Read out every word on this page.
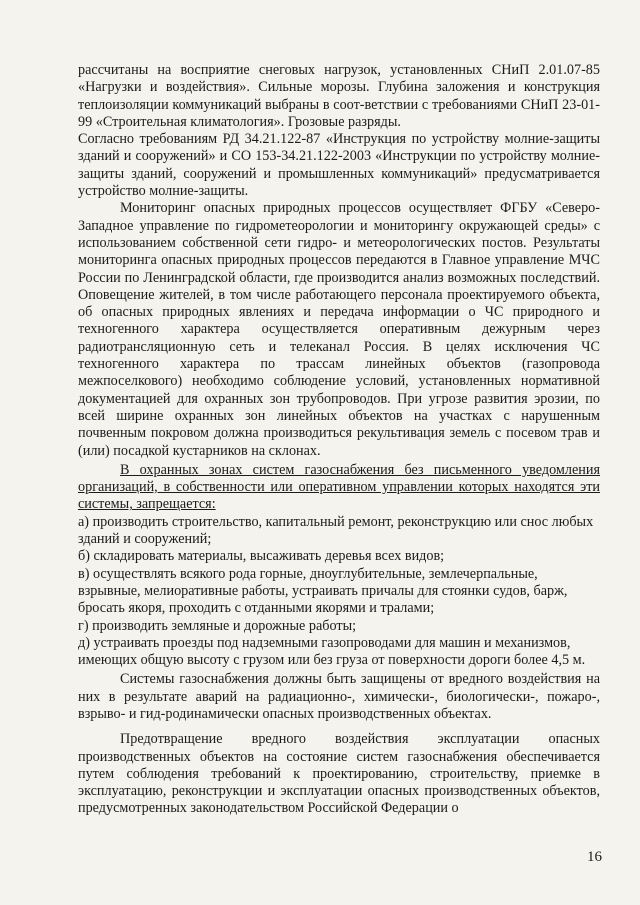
рассчитаны на восприятие снеговых нагрузок, установленных СНиП 2.01.07-85 «Нагрузки и воздействия». Сильные морозы. Глубина заложения и конструкция теплоизоляции коммуникаций выбраны в соот-ветствии с требованиями СНиП 23-01-99 «Строительная климатология». Грозовые разряды.

Согласно требованиям РД 34.21.122-87 «Инструкция по устройству молние-защиты зданий и сооружений» и СО 153-34.21.122-2003 «Инструкции по устройству молние-защиты зданий, сооружений и промышленных коммуникаций» предусматривается устройство молние-защиты.

Мониторинг опасных природных процессов осуществляет ФГБУ «Северо-Западное управление по гидрометеорологии и мониторингу окружающей среды» с использованием собственной сети гидро- и метеорологических постов. Результаты мониторинга опасных природных процессов передаются в Главное управление МЧС России по Ленинградской области, где производится анализ возможных последствий. Оповещение жителей, в том числе работающего персонала проектируемого объекта, об опасных природных явлениях и передача информации о ЧС природного и техногенного характера осуществляется оперативным дежурным через радиотрансляционную сеть и телеканал Россия. В целях исключения ЧС техногенного характера по трассам линейных объектов (газопровода межпоселкового) необходимо соблюдение условий, установленных нормативной документацией для охранных зон трубопроводов. При угрозе развития эрозии, по всей ширине охранных зон линейных объектов на участках с нарушенным почвенным покровом должна производиться рекультивация земель с посевом трав и (или) посадкой кустарников на склонах.

В охранных зонах систем газоснабжения без письменного уведомления организаций, в собственности или оперативном управлении которых находятся эти системы, запрещается:

а) производить строительство, капитальный ремонт, реконструкцию или снос любых зданий и сооружений;

б) складировать материалы, высаживать деревья всех видов;

в) осуществлять всякого рода горные, дноуглубительные, землечерпальные, взрывные, мелиоративные работы, устраивать причалы для стоянки судов, барж, бросать якоря, проходить с отданными якорями и тралами;

г) производить земляные и дорожные работы;

д) устраивать проезды под надземными газопроводами для машин и механизмов, имеющих общую высоту с грузом или без груза от поверхности дороги более 4,5 м.

Системы газоснабжения должны быть защищены от вредного воздействия на них в результате аварий на радиационно-, химически-, биологически-, пожаро-, взрыво- и гид-родинамически опасных производственных объектах.

Предотвращение вредного воздействия эксплуатации опасных производственных объектов на состояние систем газоснабжения обеспечивается путем соблюдения требований к проектированию, строительству, приемке в эксплуатацию, реконструкции и эксплуатации опасных производственных объектов, предусмотренных законодательством Российской Федерации о

16
